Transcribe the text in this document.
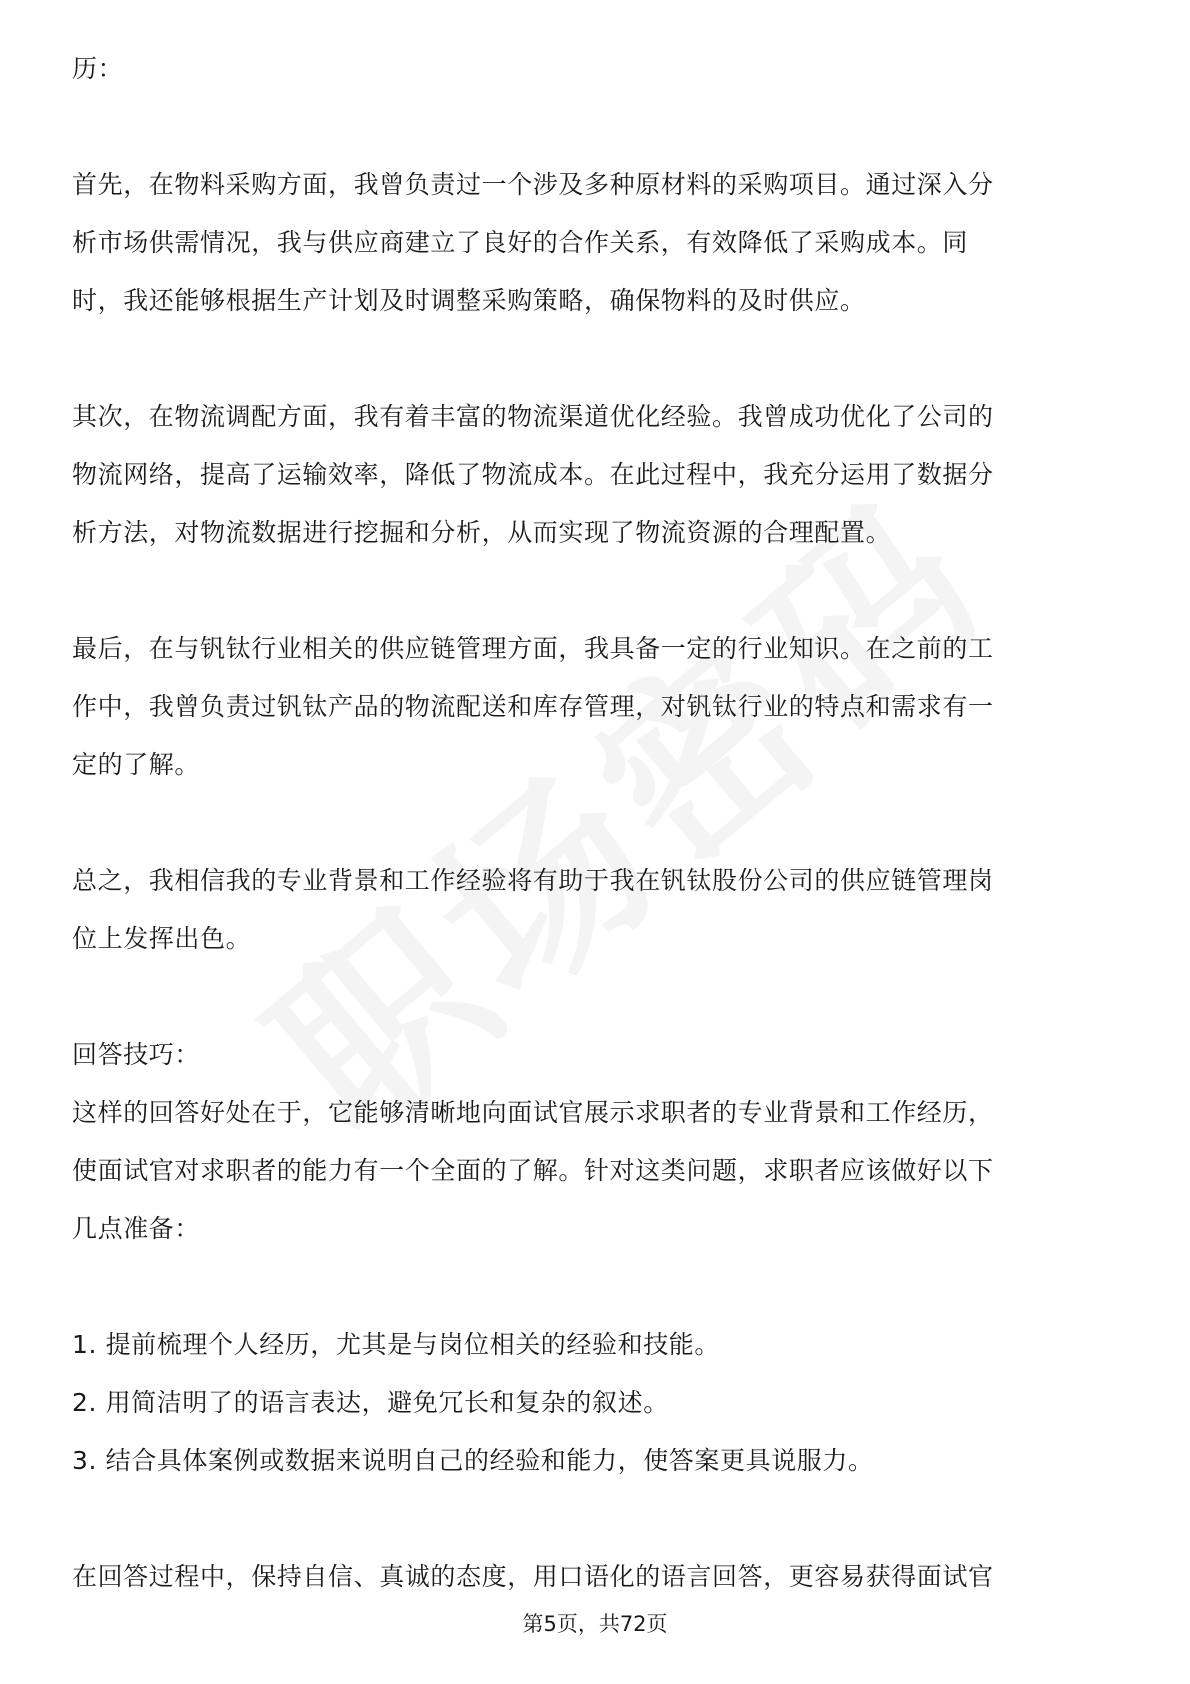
历：
首先，在物料采购方面，我曾负责过一个涉及多种原材料的采购项目。通过深入分
析市场供需情况，我与供应商建立了良好的合作关系，有效降低了采购成本。同
时，我还能够根据生产计划及时调整采购策略，确保物料的及时供应。
其次，在物流调配方面，我有着丰富的物流渠道优化经验。我曾成功优化了公司的
物流网络，提高了运输效率，降低了物流成本。在此过程中，我充分运用了数据分
析方法，对物流数据进行挖掘和分析，从而实现了物流资源的合理配置。
最后，在与钒钛行业相关的供应链管理方面，我具备一定的行业知识。在之前的工
作中，我曾负责过钒钛产品的物流配送和库存管理，对钒钛行业的特点和需求有一
定的了解。
总之，我相信我的专业背景和工作经验将有助于我在钒钛股份公司的供应链管理岗
位上发挥出色。
回答技巧：
这样的回答好处在于，它能够清晰地向面试官展示求职者的专业背景和工作经历，
使面试官对求职者的能力有一个全面的了解。针对这类问题，求职者应该做好以下
几点准备：
1. 提前梳理个人经历，尤其是与岗位相关的经验和技能。
2. 用简洁明了的语言表达，避免冗长和复杂的叙述。
3. 结合具体案例或数据来说明自己的经验和能力，使答案更具说服力。
在回答过程中，保持自信、真诚的态度，用口语化的语言回答，更容易获得面试官
第5页，共72页
